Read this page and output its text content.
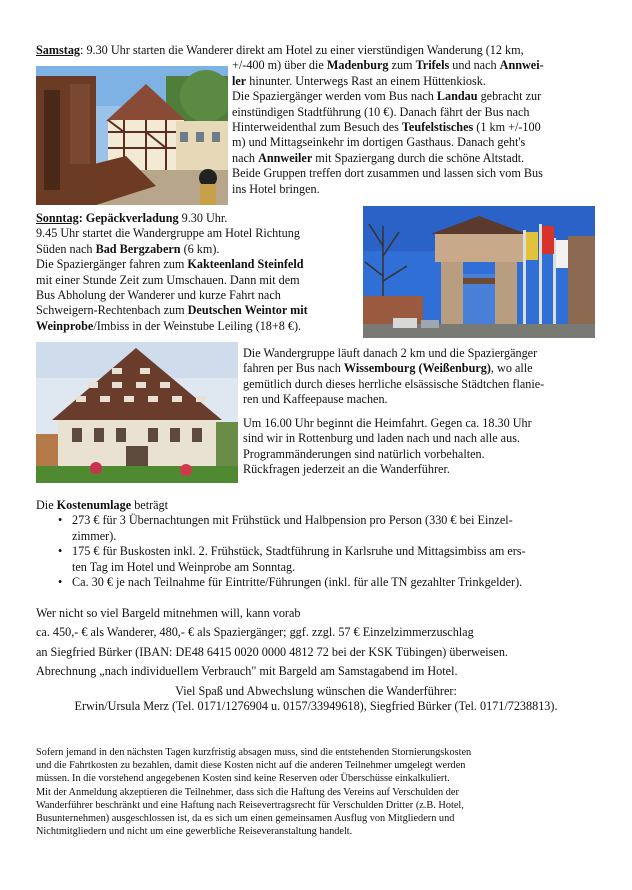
Samstag: 9.30 Uhr starten die Wanderer direkt am Hotel zu einer vierstündigen Wanderung (12 km,

+/-400 m) über die Madenburg zum Trifels und nach Annwei-

ler hinunter. Unterwegs Rast an einem Hüttenkiosk.

Die Spaziergänger werden vom Bus nach Landau gebracht zur

einstündigen Stadtführung (10 €). Danach fährt der Bus nach

Hinterweidenthal zum Besuch des Teufelstisches (1 km +/-100

m) und Mittagseinkehr im dortigen Gasthaus. Danach geht's

nach Annweiler mit Spaziergang durch die schöne Altstadt.

Beide Gruppen treffen dort zusammen und lassen sich vom Bus

ins Hotel bringen.

Sonntag: Gepäckverladung 9.30 Uhr.

9.45 Uhr startet die Wandergruppe am Hotel Richtung

Süden nach Bad Bergzabern (6 km).

Die Spaziergänger fahren zum Kakteenland Steinfeld

mit einer Stunde Zeit zum Umschauen. Dann mit dem

Bus Abholung der Wanderer und kurze Fahrt nach

Schweigern-Rechtenbach zum Deutschen Weintor mit

Weinprobe/Imbiss in der Weinstube Leiling (18+8 €).

Die Wandergruppe läuft danach 2 km und die Spaziergänger

fahren per Bus nach Wissembourg (Weißenburg), wo alle

gemütlich durch dieses herrliche elsässische Städtchen flanie-

ren und Kaffeepause machen.

Um 16.00 Uhr beginnt die Heimfahrt. Gegen ca. 18.30 Uhr

sind wir in Rottenburg und laden nach und nach alle aus.

Programmänderungen sind natürlich vorbehalten.

Rückfragen jederzeit an die Wanderführer.

Die Kostenumlage beträgt

• 273 € für 3 Übernachtungen mit Frühstück und Halbpension pro Person (330 € bei Einzel-
zimmer).
• 175 € für Buskosten inkl. 2. Frühstück, Stadtführung in Karlsruhe und Mittagsimbiss am ers-
ten Tag im Hotel und Weinprobe am Sonntag.
• Ca. 30 € je nach Teilnahme für Eintritte/Führungen (inkl. für alle TN gezahlter Trinkgelder).

Wer nicht so viel Bargeld mitnehmen will, kann vorab

ca. 450,- € als Wanderer, 480,- € als Spaziergänger; ggf. zzgl. 57 € Einzelzimmerzuschlag

an Siegfried Bürker (IBAN: DE48 6415 0020 0000 4812 72 bei der KSK Tübingen) überweisen.

Abrechnung „nach individuellem Verbrauch" mit Bargeld am Samstagabend im Hotel.

Viel Spaß und Abwechslung wünschen die Wanderführer:

Erwin/Ursula Merz (Tel. 0171/1276904 u. 0157/33949618), Siegfried Bürker (Tel. 0171/7238813).

Sofern jemand in den nächsten Tagen kurzfristig absagen muss, sind die entstehenden Stornierungskosten

und die Fahrtkosten zu bezahlen, damit diese Kosten nicht auf die anderen Teilnehmer umgelegt werden

müssen. In die vorstehend angegebenen Kosten sind keine Reserven oder Überschüsse einkalkuliert.

Mit der Anmeldung akzeptieren die Teilnehmer, dass sich die Haftung des Vereins auf Verschulden der

Wanderführer beschränkt und eine Haftung nach Reisevertragsrecht für Verschulden Dritter (z.B. Hotel,

Busunternehmen) ausgeschlossen ist, da es sich um einen gemeinsamen Ausflug von Mitgliedern und

Nichtmitgliedern und nicht um eine gewerbliche Reiseveranstaltung handelt.
